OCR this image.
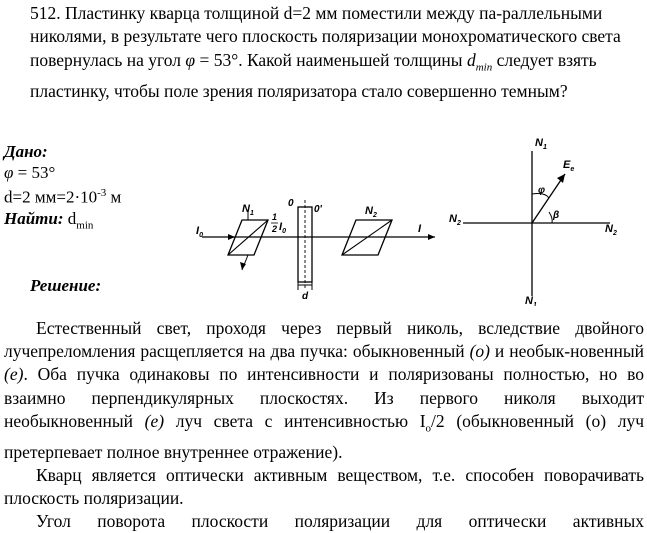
512. Пластинку кварца толщиной d=2 мм поместили между па-раллельными николями, в результате чего плоскость поляризации монохроматического света повернулась на угол φ = 53°. Какой наименьшей толщины $d_{min}$ следует взять пластинку, чтобы поле зрения поляризатора стало совершенно темным?

Дано:
φ = 53°
d=2 $мм=2\cdot 10^{-3}$ м
Найти: $d_{min}$	$I_0$
$N_1$ 1
2 $I_0$
0
0'	$N_2$
I
d
$N_1$
$N_1$
$N_2$	$N_2$
$E_e$
φ
β
Решение:

Естественный свет, проходя через первый николь, вследствие двойного лучепреломления расщепляется на два пучка: обыкновенный (о) и необык-новенный (е). Оба пучка одинаковы по интенсивности и поляризованы полностью, но во взаимно перпендикулярных плоскостях. Из первого николя выходит необыкновенный (е) луч света с интенсивностью $I_o/2$ (обыкновенный (о) луч претерпевает полное внутреннее отражение).

Кварц является оптически активным веществом, т.е. способен поворачивать плоскость поляризации.

Угол поворота плоскости поляризации для оптически активных
